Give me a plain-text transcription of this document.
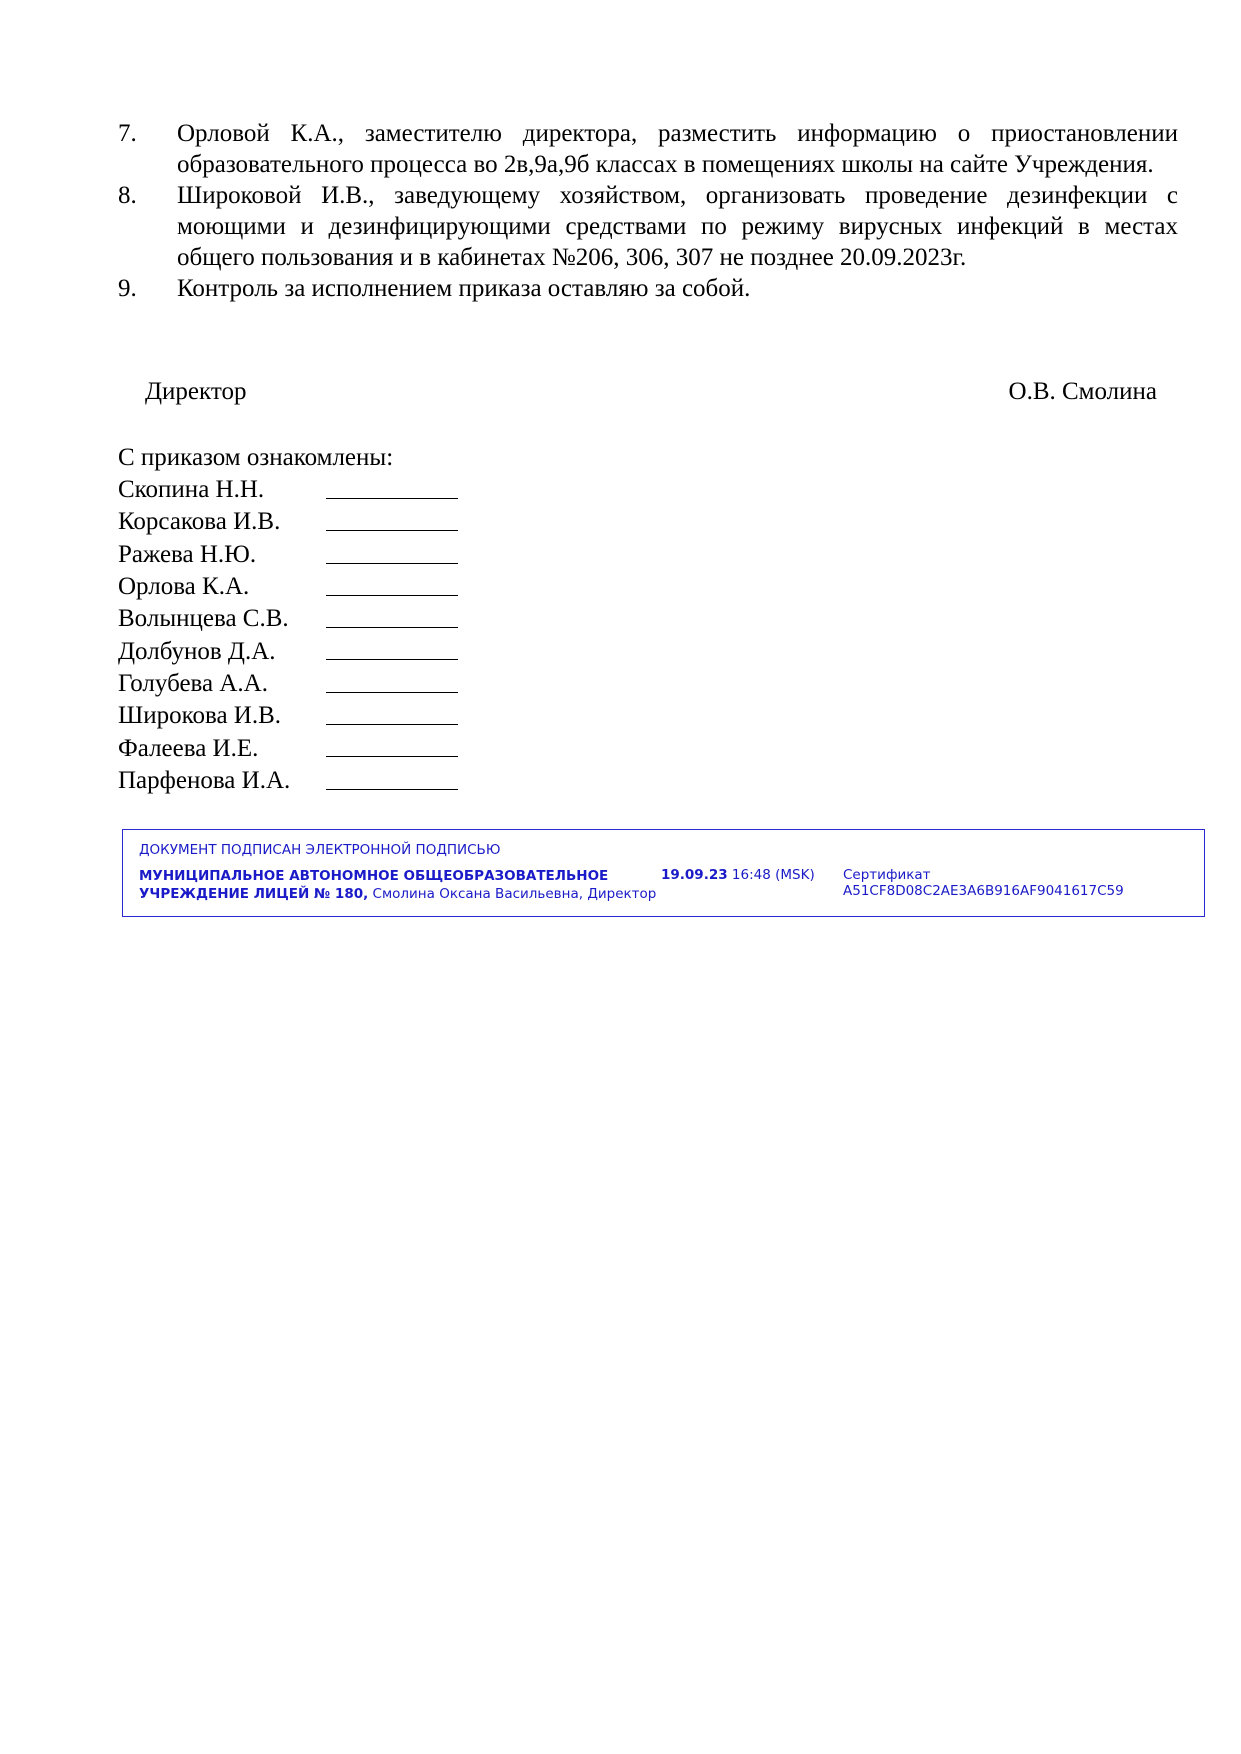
7.	Орловой К.А., заместителю директора, разместить информацию о приостановлении образовательного процесса во 2в,9а,9б классах в помещениях школы на сайте Учреждения.
8.	Широковой И.В., заведующему хозяйством, организовать проведение дезинфекции с моющими и дезинфицирующими средствами по режиму вирусных инфекций в местах общего пользования и в кабинетах №206, 306, 307 не позднее 20.09.2023г.
9.	Контроль за исполнением приказа оставляю за собой.
Директор	О.В. Смолина
С приказом ознакомлены:
Скопина Н.Н.
Корсакова И.В.
Ражева Н.Ю.
Орлова К.А.
Волынцева С.В.
Долбунов Д.А.
Голубева А.А.
Широкова И.В.
Фалеева И.Е.
Парфенова И.А.
ДОКУМЕНТ ПОДПИСАН ЭЛЕКТРОННОЙ ПОДПИСЬЮ
МУНИЦИПАЛЬНОЕ АВТОНОМНОЕ ОБЩЕОБРАЗОВАТЕЛЬНОЕ УЧРЕЖДЕНИЕ ЛИЦЕЙ № 180, Смолина Оксана Васильевна, Директор
19.09.23 16:48 (MSK) Сертификат A51CF8D08C2AE3A6B916AF9041617C59
